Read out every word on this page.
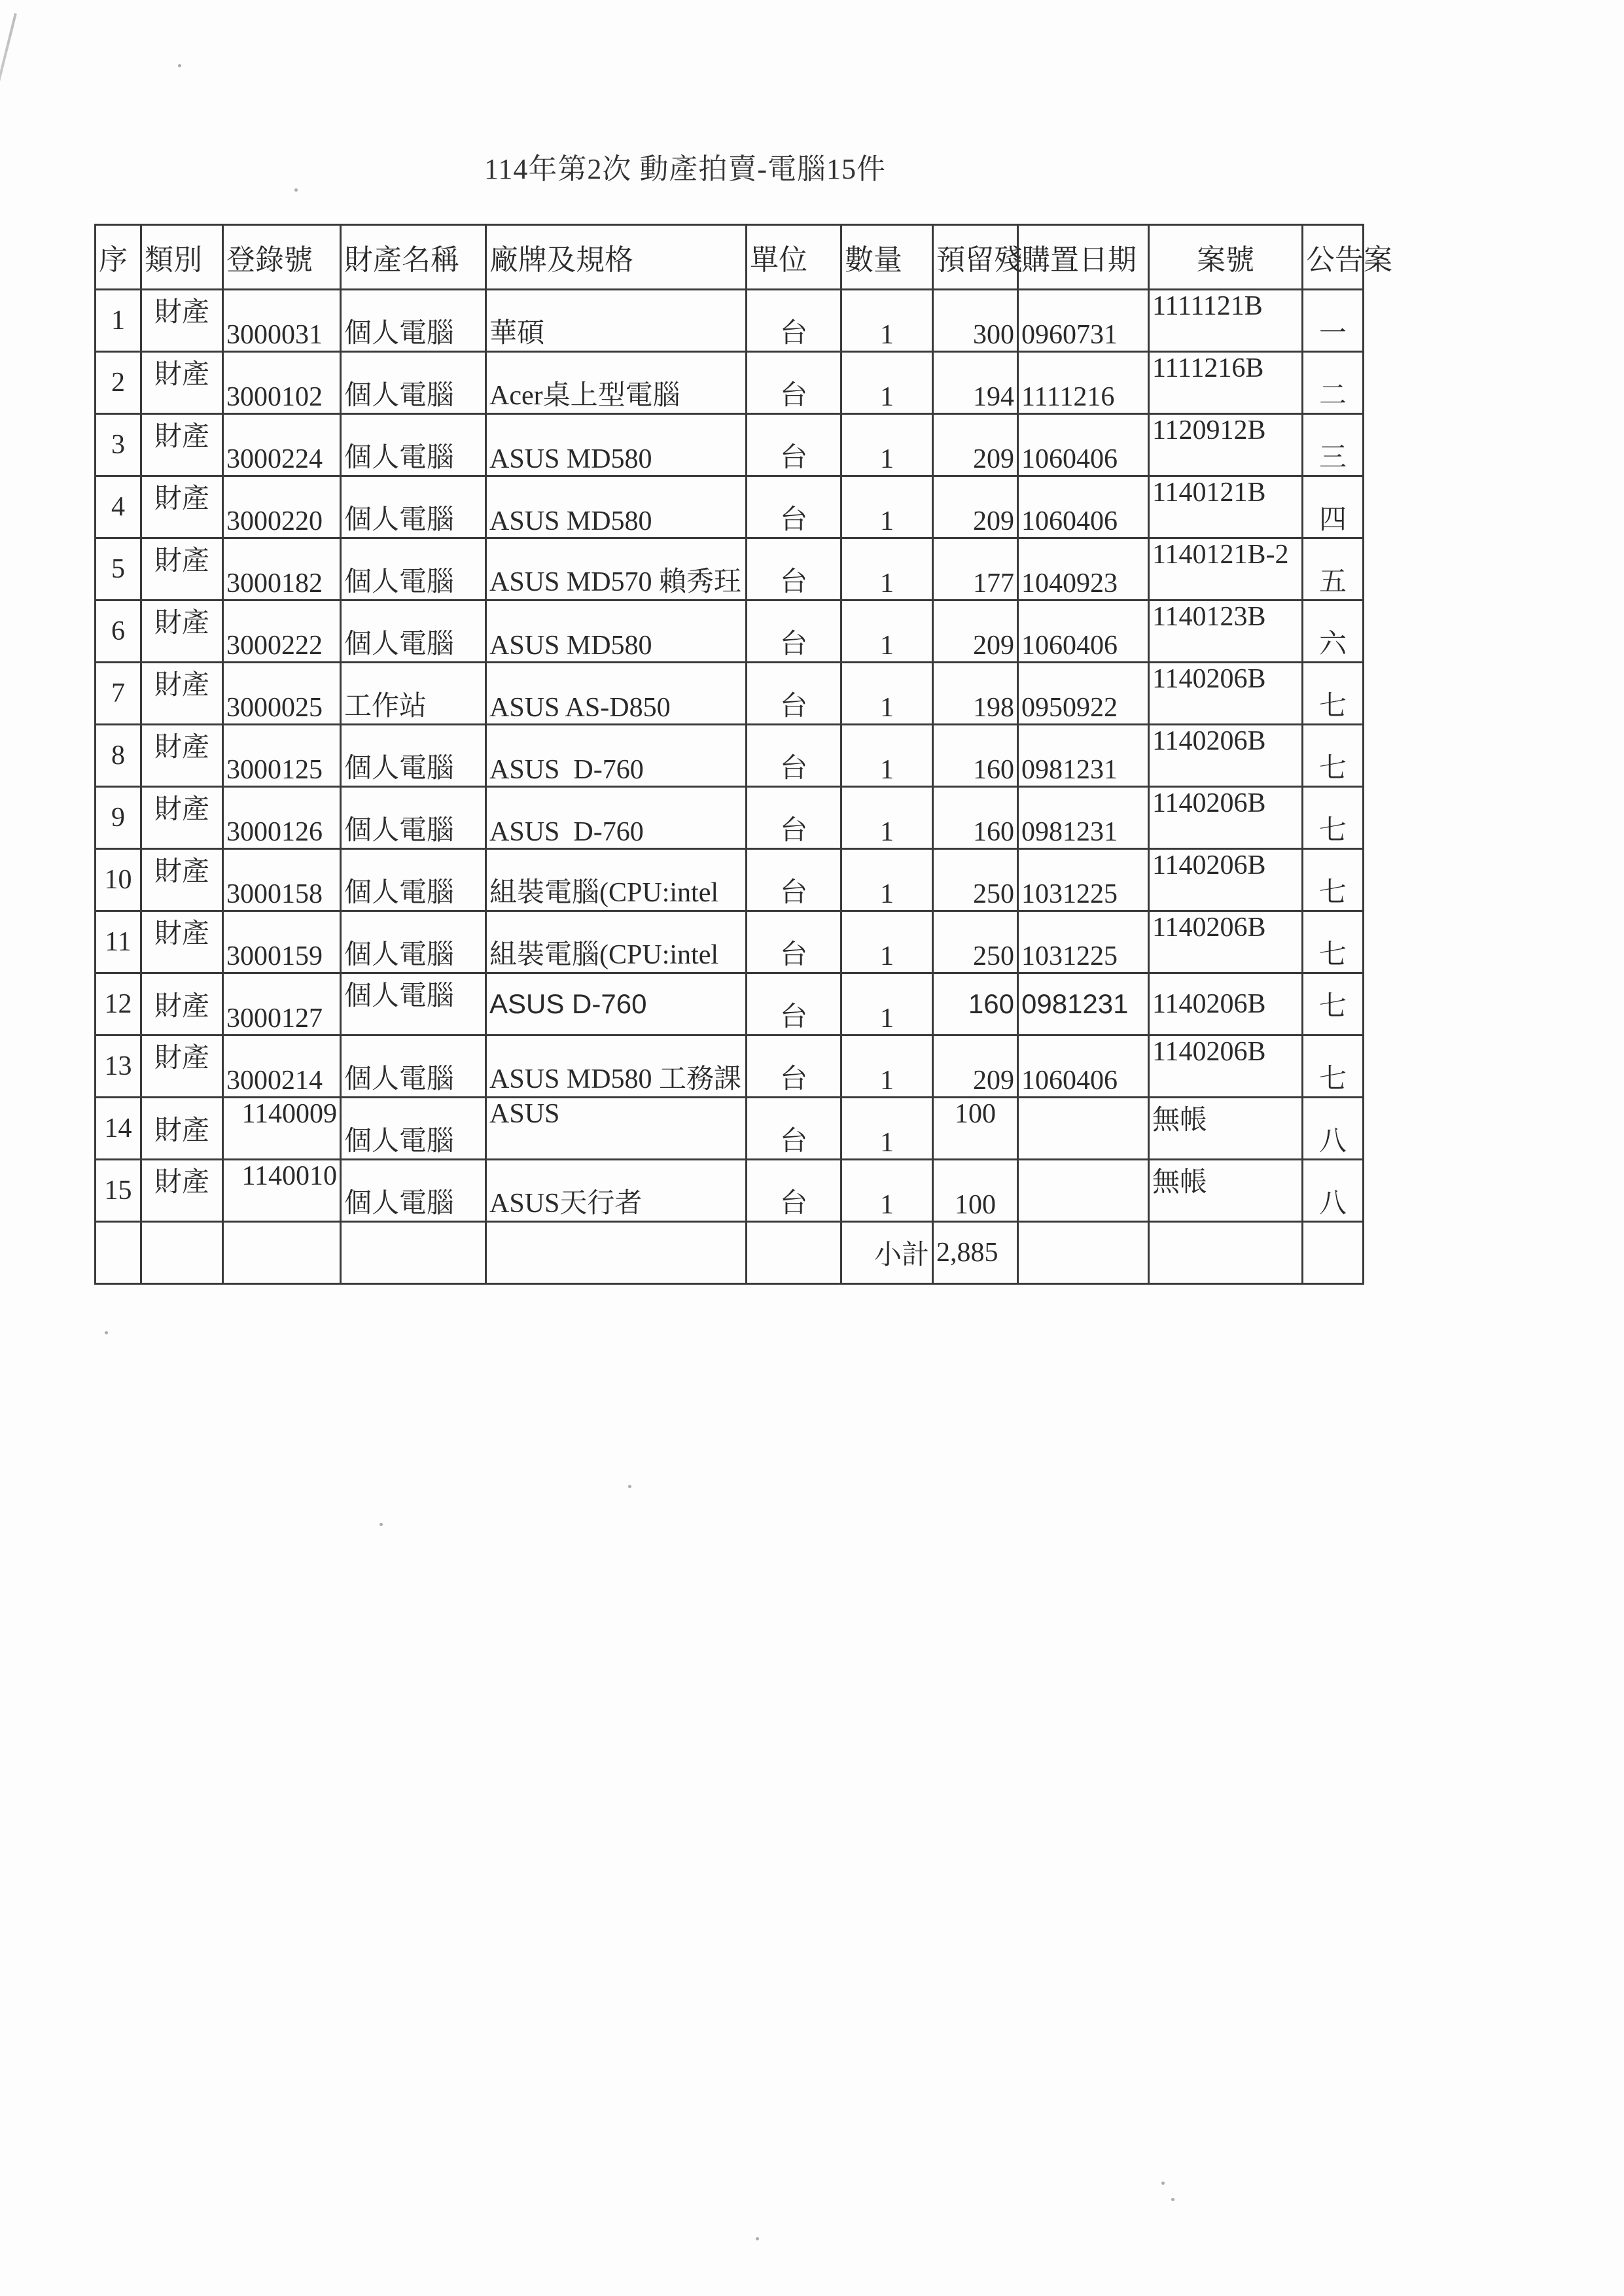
114年第2次 動產拍賣-電腦15件
序	類別	登錄號	財產名稱	廠牌及規格	單位	數量	預留殘	購置日期	案號	公告案
1	財產	3000031	個人電腦	華碩	台	1	300	0960731	1111121B	一
2	財產	3000102	個人電腦	Acer桌上型電腦	台	1	194	1111216	1111216B	二
3	財產	3000224	個人電腦	ASUS MD580	台	1	209	1060406	1120912B	三
4	財產	3000220	個人電腦	ASUS MD580	台	1	209	1060406	1140121B	四
5	財產	3000182	個人電腦	ASUS MD570 賴秀玨	台	1	177	1040923	1140121B-2	五
6	財產	3000222	個人電腦	ASUS MD580	台	1	209	1060406	1140123B	六
7	財產	3000025	工作站	ASUS AS-D850	台	1	198	0950922	1140206B	七
8	財產	3000125	個人電腦	ASUS  D-760	台	1	160	0981231	1140206B	七
9	財產	3000126	個人電腦	ASUS  D-760	台	1	160	0981231	1140206B	七
10	財產	3000158	個人電腦	組裝電腦(CPU:intel	台	1	250	1031225	1140206B	七
11	財產	3000159	個人電腦	組裝電腦(CPU:intel	台	1	250	1031225	1140206B	七
12	財產	3000127	個人電腦	ASUS D-760	台	1	160	0981231	1140206B	七
13	財產	3000214	個人電腦	ASUS MD580 工務課	台	1	209	1060406	1140206B	七
14	財產	1140009	個人電腦	ASUS	台	1	100		無帳	八
15	財產	1140010	個人電腦	ASUS天行者	台	1	100		無帳	八
						小計	2,885			
